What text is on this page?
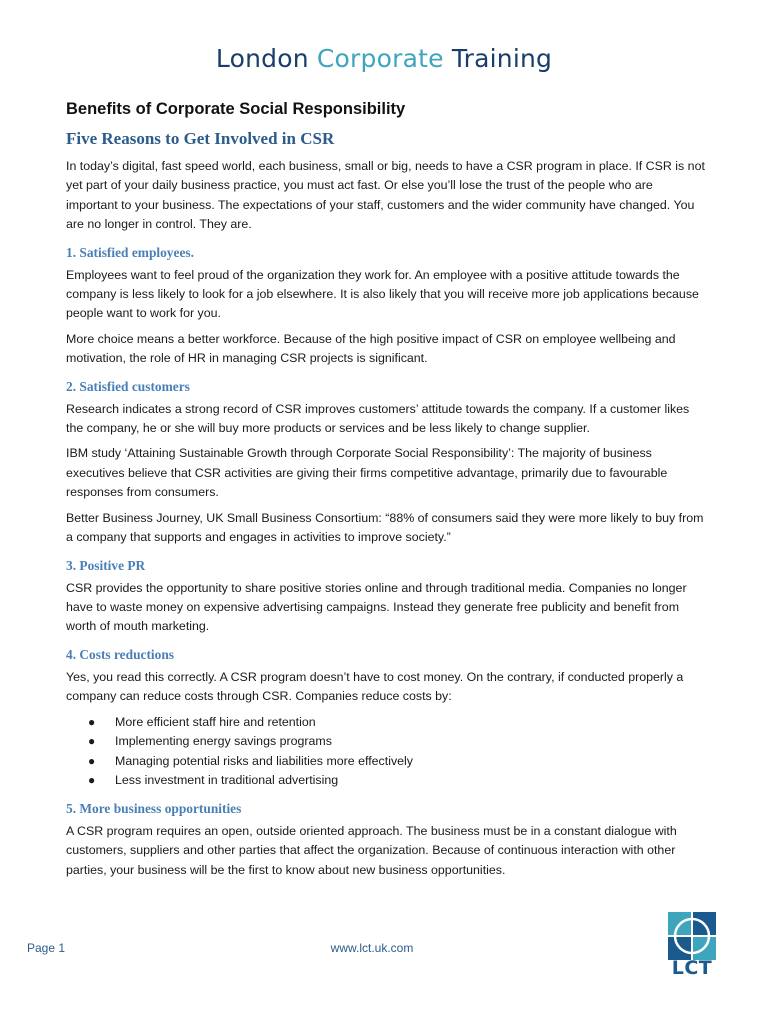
London Corporate Training
Benefits of Corporate Social Responsibility
Five Reasons to Get Involved in CSR

In today’s digital, fast speed world, each business, small or big, needs to have a CSR program in place. If CSR is not yet part of your daily business practice, you must act fast. Or else you’ll lose the trust of the people who are important to your business. The expectations of your staff, customers and the wider community have changed. You are no longer in control. They are.

1. Satisfied employees.

Employees want to feel proud of the organization they work for. An employee with a positive attitude towards the company is less likely to look for a job elsewhere. It is also likely that you will receive more job applications because people want to work for you.

More choice means a better workforce. Because of the high positive impact of CSR on employee wellbeing and motivation, the role of HR in managing CSR projects is significant.

2. Satisfied customers

Research indicates a strong record of CSR improves customers’ attitude towards the company. If a customer likes the company, he or she will buy more products or services and be less likely to change supplier.

IBM study ‘Attaining Sustainable Growth through Corporate Social Responsibility’: The majority of business executives believe that CSR activities are giving their firms competitive advantage, primarily due to favourable responses from consumers.

Better Business Journey, UK Small Business Consortium: “88% of consumers said they were more likely to buy from a company that supports and engages in activities to improve society.”

3. Positive PR

CSR provides the opportunity to share positive stories online and through traditional media. Companies no longer have to waste money on expensive advertising campaigns. Instead they generate free publicity and benefit from worth of mouth marketing.

4. Costs reductions

Yes, you read this correctly. A CSR program doesn’t have to cost money. On the contrary, if conducted properly a company can reduce costs through CSR. Companies reduce costs by:

● More efficient staff hire and retention
● Implementing energy savings programs
● Managing potential risks and liabilities more effectively
● Less investment in traditional advertising
5. More business opportunities

A CSR program requires an open, outside oriented approach. The business must be in a constant dialogue with customers, suppliers and other parties that affect the organization. Because of continuous interaction with other parties, your business will be the first to know about new business opportunities.

Page 1	www.lct.uk.com
LCT
